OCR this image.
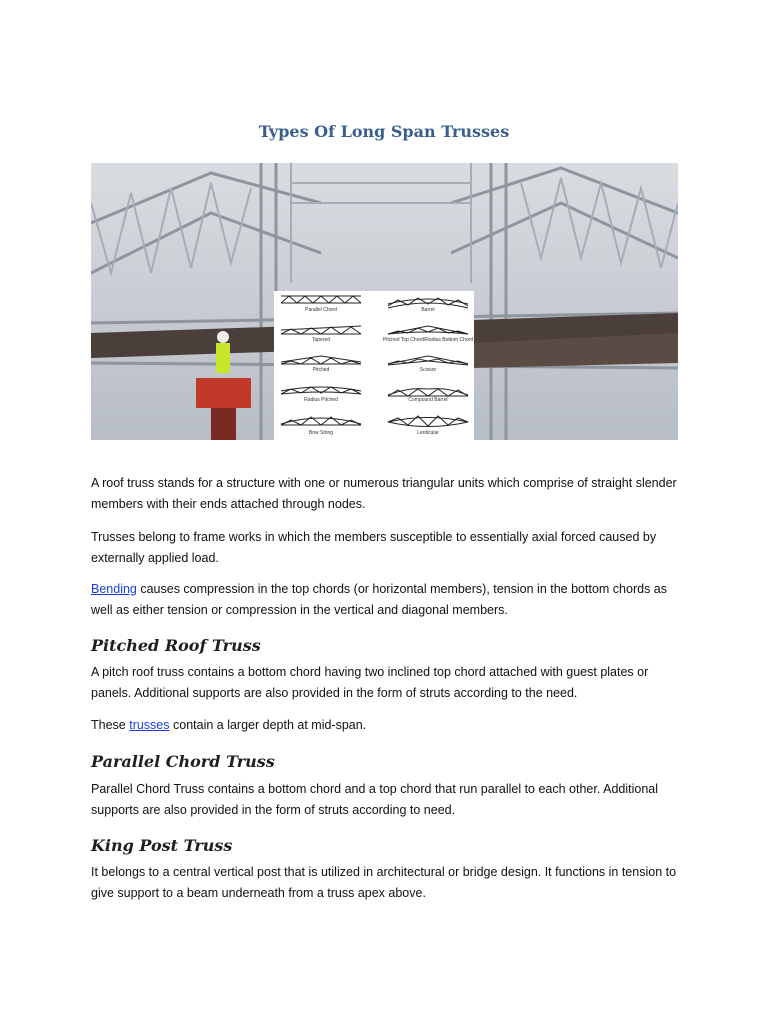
Types Of Long Span Trusses
Parallel Chord
Tapered
Pitched
Radius Pitched
Bow String
Barrel
Pitched Top Chord/Radius Bottom Chord
Scissor
Compound Barrel
Lenticular

A roof truss stands for a structure with one or numerous triangular units which comprise of straight slender members with their ends attached through nodes.

Trusses belong to frame works in which the members susceptible to essentially axial forced caused by externally applied load.

Bending causes compression in the top chords (or horizontal members), tension in the bottom chords as well as either tension or compression in the vertical and diagonal members.

Pitched Roof Truss

A pitch roof truss contains a bottom chord having two inclined top chord attached with guest plates or panels. Additional supports are also provided in the form of struts according to the need.

These trusses contain a larger depth at mid-span.

Parallel Chord Truss

Parallel Chord Truss contains a bottom chord and a top chord that run parallel to each other. Additional supports are also provided in the form of struts according to need.

King Post Truss

It belongs to a central vertical post that is utilized in architectural or bridge design. It functions in tension to give support to a beam underneath from a truss apex above.
